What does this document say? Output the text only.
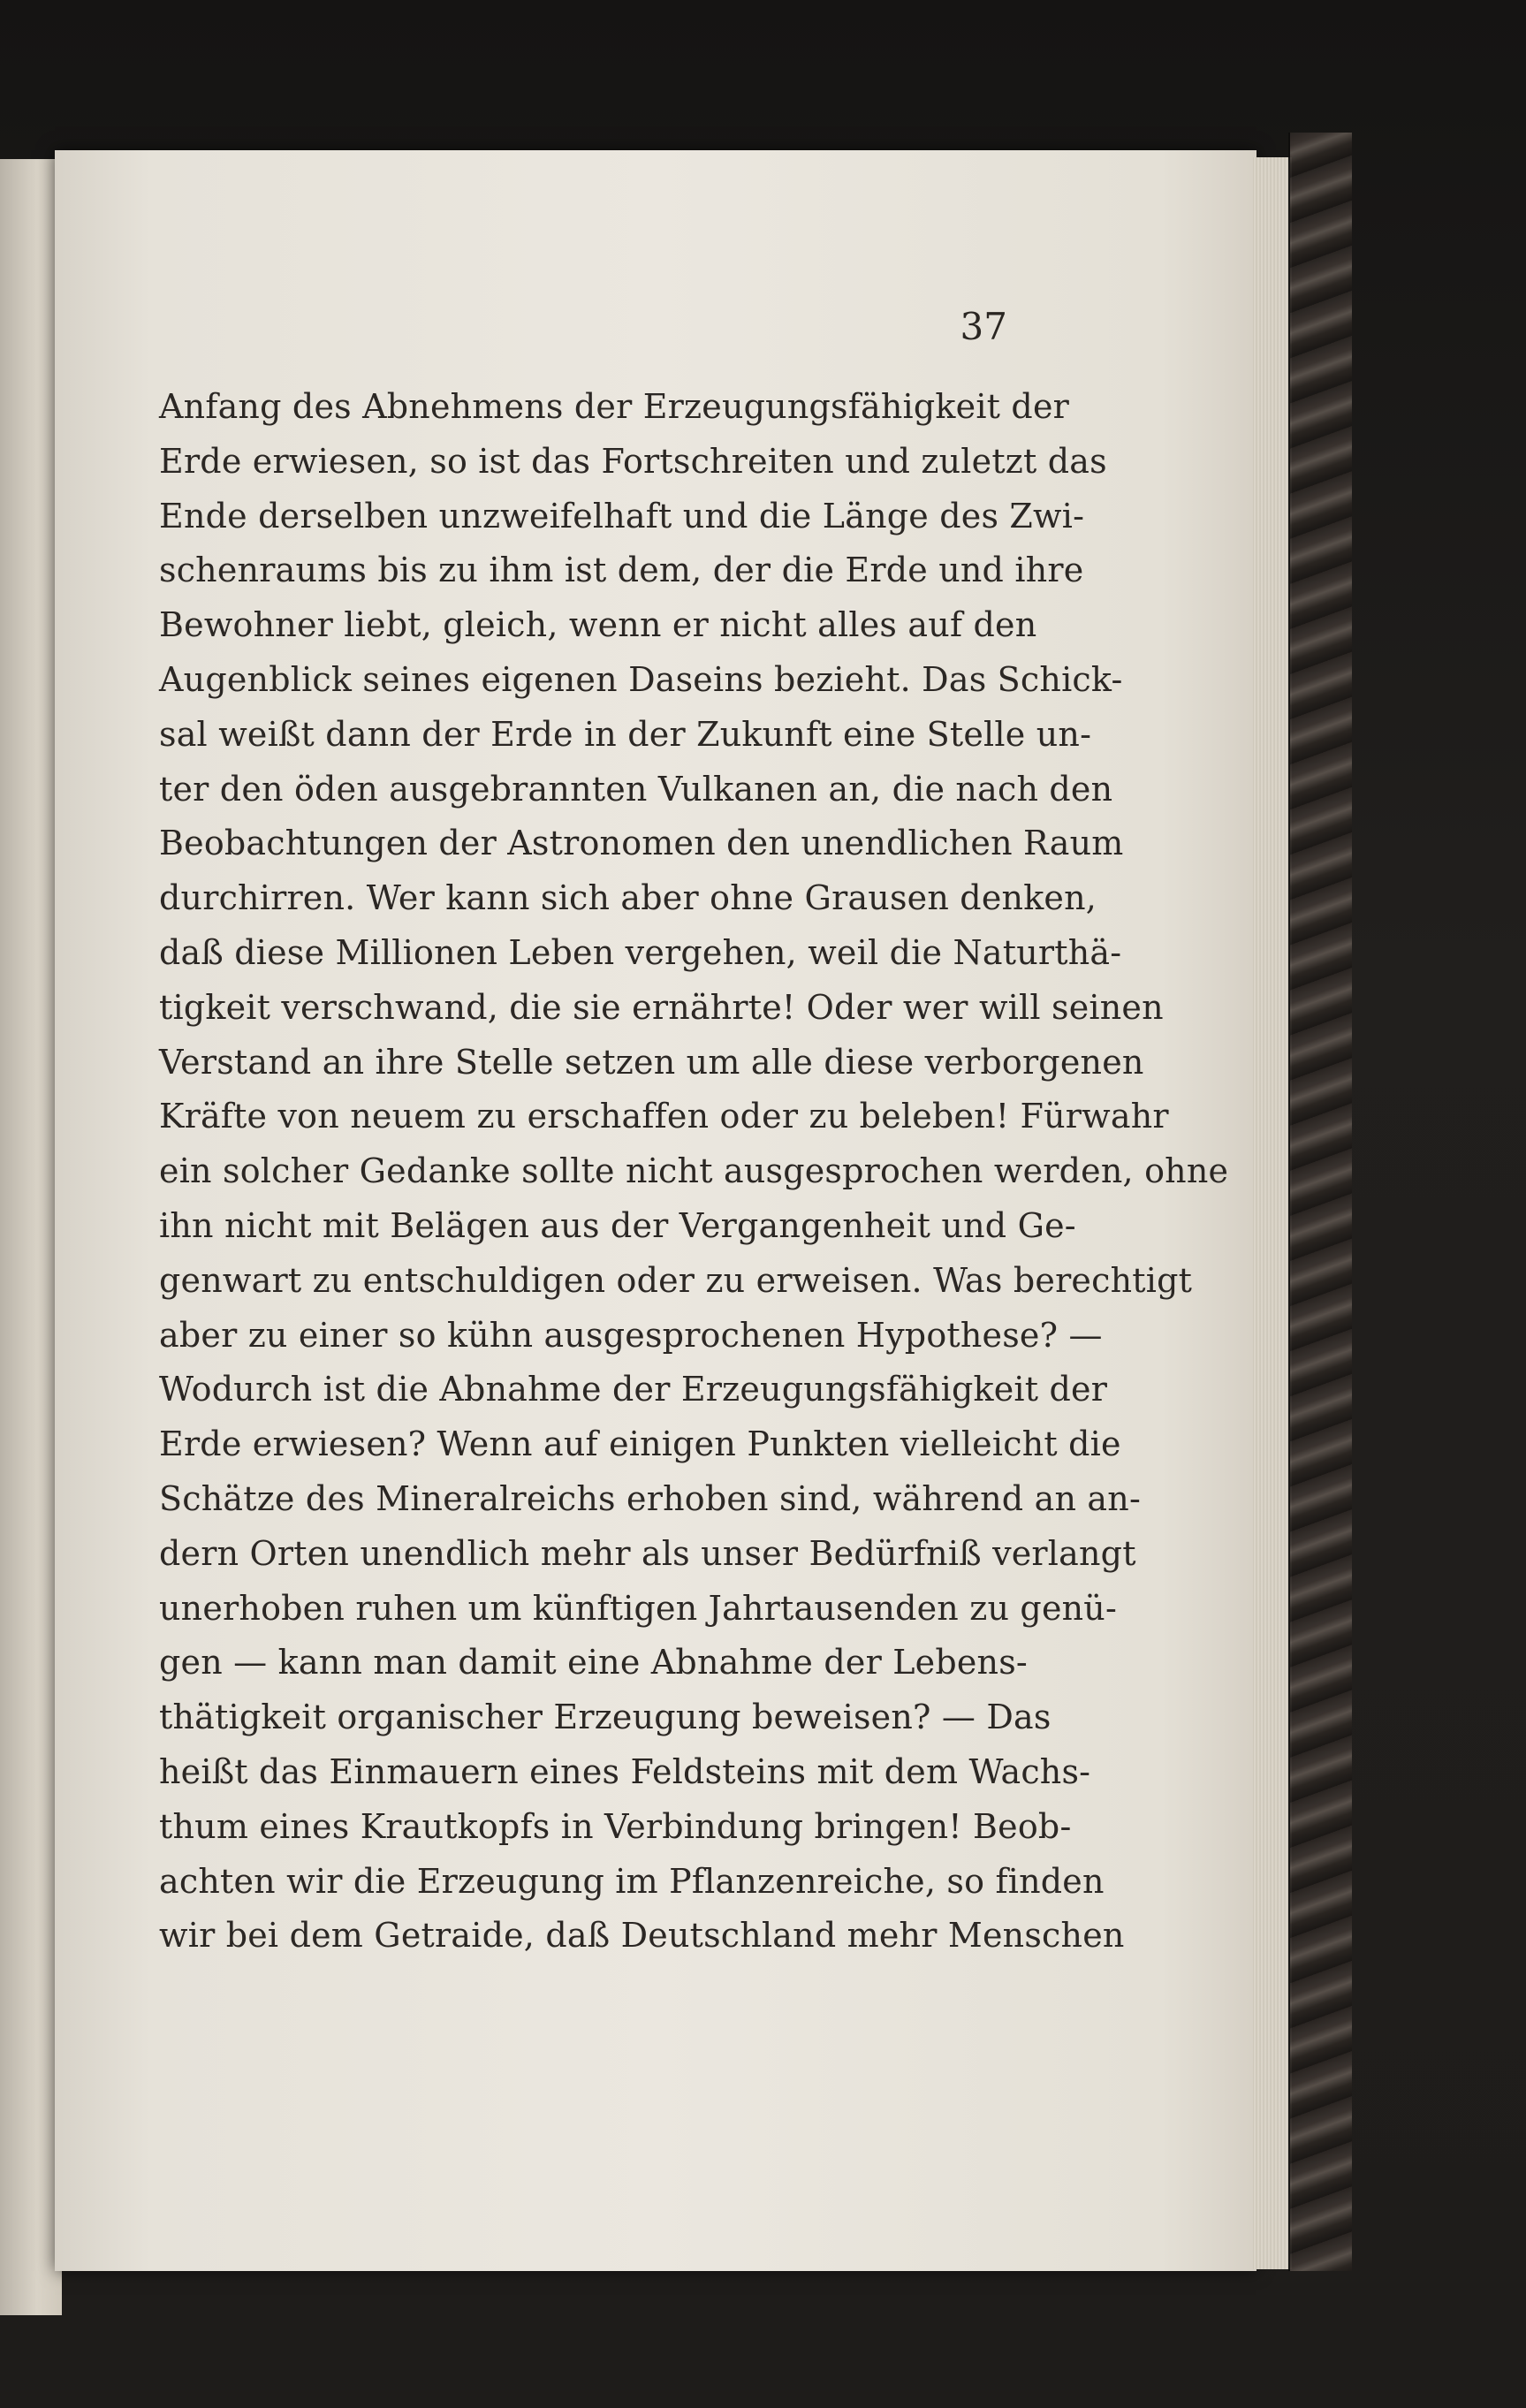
37
Anfang des Abnehmens der Erzeugungsfähigkeit der
Erde erwiesen, so ist das Fortschreiten und zuletzt das
Ende derselben unzweifelhaft und die Länge des Zwi-
schenraums bis zu ihm ist dem, der die Erde und ihre
Bewohner liebt, gleich, wenn er nicht alles auf den
Augenblick seines eigenen Daseins bezieht. Das Schick-
sal weißt dann der Erde in der Zukunft eine Stelle un-
ter den öden ausgebrannten Vulkanen an, die nach den
Beobachtungen der Astronomen den unendlichen Raum
durchirren. Wer kann sich aber ohne Grausen denken,
daß diese Millionen Leben vergehen, weil die Naturthä-
tigkeit verschwand, die sie ernährte! Oder wer will seinen
Verstand an ihre Stelle setzen um alle diese verborgenen
Kräfte von neuem zu erschaffen oder zu beleben! Fürwahr
ein solcher Gedanke sollte nicht ausgesprochen werden, ohne
ihn nicht mit Belägen aus der Vergangenheit und Ge-
genwart zu entschuldigen oder zu erweisen. Was berechtigt
aber zu einer so kühn ausgesprochenen Hypothese? —
Wodurch ist die Abnahme der Erzeugungsfähigkeit der
Erde erwiesen? Wenn auf einigen Punkten vielleicht die
Schätze des Mineralreichs erhoben sind, während an an-
dern Orten unendlich mehr als unser Bedürfniß verlangt
unerhoben ruhen um künftigen Jahrtausenden zu genü-
gen — kann man damit eine Abnahme der Lebens-
thätigkeit organischer Erzeugung beweisen? — Das
heißt das Einmauern eines Feldsteins mit dem Wachs-
thum eines Krautkopfs in Verbindung bringen! Beob-
achten wir die Erzeugung im Pflanzenreiche, so finden
wir bei dem Getraide, daß Deutschland mehr Menschen
